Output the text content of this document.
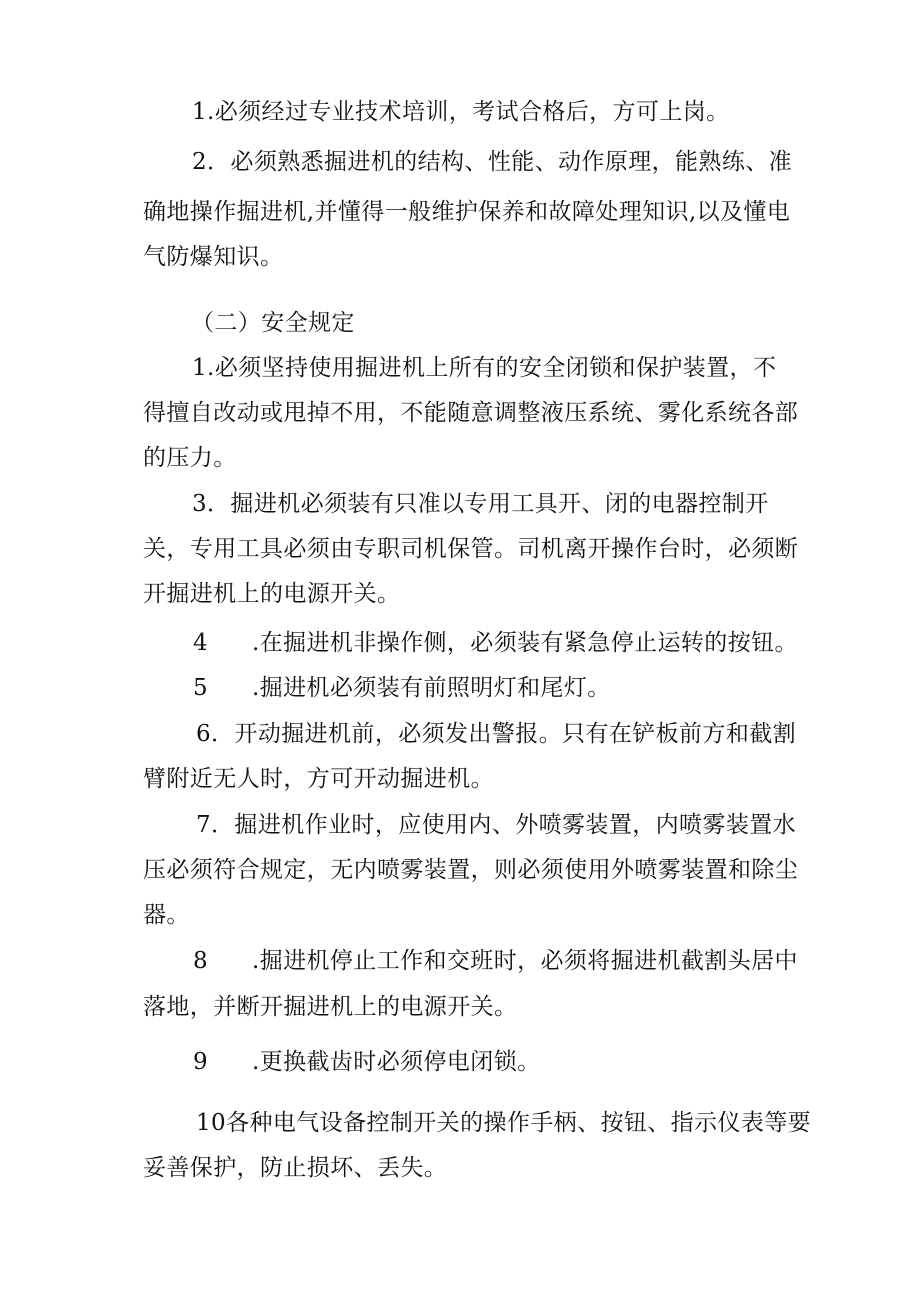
1.必须经过专业技术培训，考试合格后，方可上岗。
2．必须熟悉掘进机的结构、性能、动作原理，能熟练、准
确地操作掘进机,并懂得一般维护保养和故障处理知识,以及懂电
气防爆知识。
（二）安全规定
1.必须坚持使用掘进机上所有的安全闭锁和保护装置，不
得擅自改动或甩掉不用，不能随意调整液压系统、雾化系统各部
的压力。
3．掘进机必须装有只准以专用工具开、闭的电器控制开
关，专用工具必须由专职司机保管。司机离开操作台时，必须断
开掘进机上的电源开关。
4 .在掘进机非操作侧，必须装有紧急停止运转的按钮。
5 .掘进机必须装有前照明灯和尾灯。
6．开动掘进机前，必须发出警报。只有在铲板前方和截割
臂附近无人时，方可开动掘进机。
7．掘进机作业时，应使用内、外喷雾装置，内喷雾装置水
压必须符合规定，无内喷雾装置，则必须使用外喷雾装置和除尘
器。
8 .掘进机停止工作和交班时，必须将掘进机截割头居中
落地，并断开掘进机上的电源开关。
9 .更换截齿时必须停电闭锁。
10各种电气设备控制开关的操作手柄、按钮、指示仪表等要
妥善保护，防止损坏、丢失。
